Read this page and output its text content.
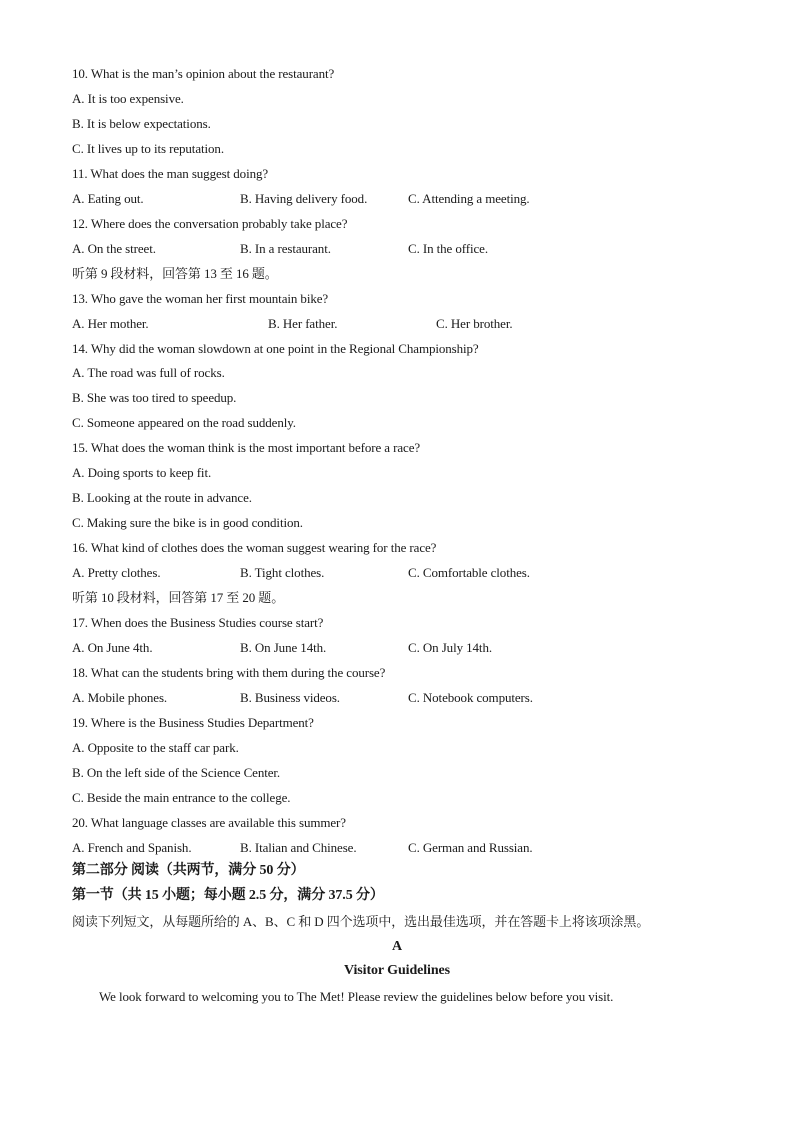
10. What is the man’s opinion about the restaurant?
A. It is too expensive.
B. It is below expectations.
C. It lives up to its reputation.
11. What does the man suggest doing?
A. Eating out.	B. Having delivery food.	C. Attending a meeting.
12. Where does the conversation probably take place?
A. On the street.	B. In a restaurant.	C. In the office.
听第 9 段材料，回答第 13 至 16 题。
13. Who gave the woman her first mountain bike?
A. Her mother.	B. Her father.	C. Her brother.
14. Why did the woman slowdown at one point in the Regional Championship?
A. The road was full of rocks.
B. She was too tired to speedup.
C. Someone appeared on the road suddenly.
15. What does the woman think is the most important before a race?
A. Doing sports to keep fit.
B. Looking at the route in advance.
C. Making sure the bike is in good condition.
16. What kind of clothes does the woman suggest wearing for the race?
A. Pretty clothes.	B. Tight clothes.	C. Comfortable clothes.
听第 10 段材料，回答第 17 至 20 题。
17. When does the Business Studies course start?
A. On June 4th.	B. On June 14th.	C. On July 14th.
18. What can the students bring with them during the course?
A. Mobile phones.	B. Business videos.	C. Notebook computers.
19. Where is the Business Studies Department?
A. Opposite to the staff car park.
B. On the left side of the Science Center.
C. Beside the main entrance to the college.
20. What language classes are available this summer?
A. French and Spanish.	B. Italian and Chinese.	C. German and Russian.
第二部分 阅读（共两节，满分 50 分）
第一节（共 15 小题；每小题 2.5 分，满分 37.5 分）
阅读下列短文，从每题所给的 A、B、C 和 D 四个选项中，选出最佳选项，并在答题卡上将该项涂黑。
A
Visitor Guidelines
We look forward to welcoming you to The Met! Please review the guidelines below before you visit.
